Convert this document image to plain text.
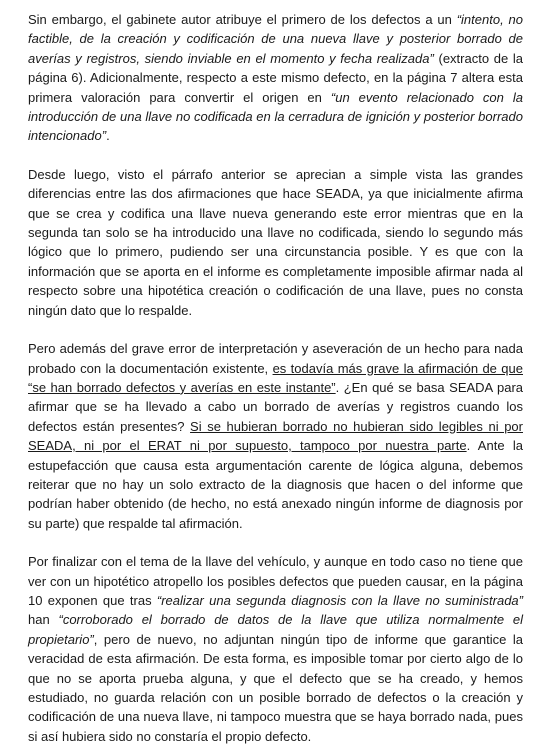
Sin embargo, el gabinete autor atribuye el primero de los defectos a un “intento, no factible, de la creación y codificación de una nueva llave y posterior borrado de averías y registros, siendo inviable en el momento y fecha realizada” (extracto de la página 6). Adicionalmente, respecto a este mismo defecto, en la página 7 altera esta primera valoración para convertir el origen en “un evento relacionado con la introducción de una llave no codificada en la cerradura de ignición y posterior borrado intencionado”.

Desde luego, visto el párrafo anterior se aprecian a simple vista las grandes diferencias entre las dos afirmaciones que hace SEADA, ya que inicialmente afirma que se crea y codifica una llave nueva generando este error mientras que en la segunda tan solo se ha introducido una llave no codificada, siendo lo segundo más lógico que lo primero, pudiendo ser una circunstancia posible. Y es que con la información que se aporta en el informe es completamente imposible afirmar nada al respecto sobre una hipotética creación o codificación de una llave, pues no consta ningún dato que lo respalde.

Pero además del grave error de interpretación y aseveración de un hecho para nada probado con la documentación existente, es todavía más grave la afirmación de que “se han borrado defectos y averías en este instante”. ¿En qué se basa SEADA para afirmar que se ha llevado a cabo un borrado de averías y registros cuando los defectos están presentes? Si se hubieran borrado no hubieran sido legibles ni por SEADA, ni por el ERAT ni por supuesto, tampoco por nuestra parte. Ante la estupefacción que causa esta argumentación carente de lógica alguna, debemos reiterar que no hay un solo extracto de la diagnosis que hacen o del informe que podrían haber obtenido (de hecho, no está anexado ningún informe de diagnosis por su parte) que respalde tal afirmación.

Por finalizar con el tema de la llave del vehículo, y aunque en todo caso no tiene que ver con un hipotético atropello los posibles defectos que pueden causar, en la página 10 exponen que tras “realizar una segunda diagnosis con la llave no suministrada” han “corroborado el borrado de datos de la llave que utiliza normalmente el propietario”, pero de nuevo, no adjuntan ningún tipo de informe que garantice la veracidad de esta afirmación. De esta forma, es imposible tomar por cierto algo de lo que no se aporta prueba alguna, y que el defecto que se ha creado, y hemos estudiado, no guarda relación con un posible borrado de defectos o la creación y codificación de una nueva llave, ni tampoco muestra que se haya borrado nada, pues si así hubiera sido no constaría el propio defecto.
